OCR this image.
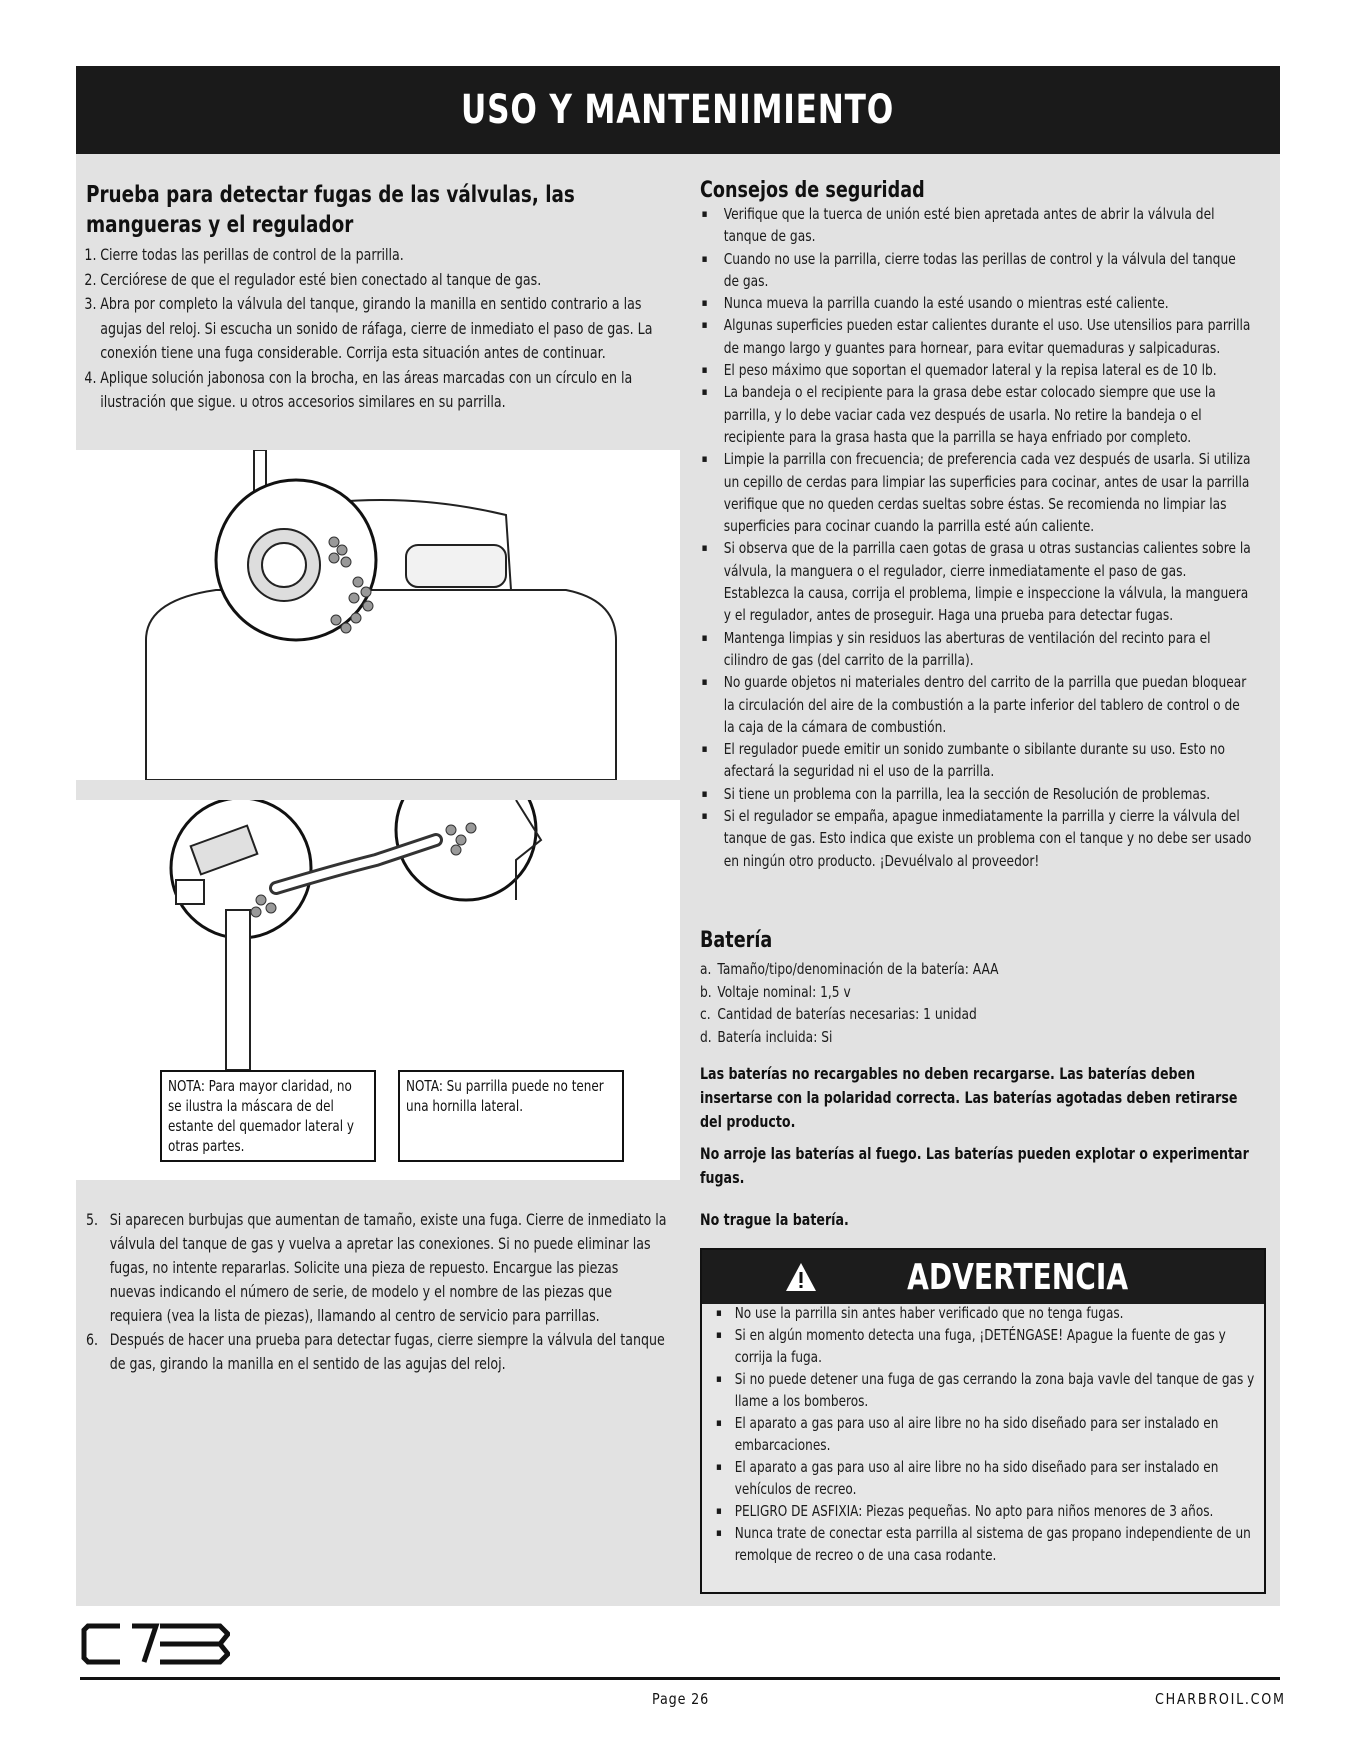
USO Y MANTENIMIENTO
Prueba para detectar fugas de las válvulas, las mangueras y el regulador
1. Cierre todas las perillas de control de la parrilla.
2. Cerciórese de que el regulador esté bien conectado al tanque de gas.
3. Abra por completo la válvula del tanque, girando la manilla en sentido contrario a las agujas del reloj. Si escucha un sonido de ráfaga, cierre de inmediato el paso de gas. La conexión tiene una fuga considerable. Corrija esta situación antes de continuar.
4. Aplique solución jabonosa con la brocha, en las áreas marcadas con un círculo en la ilustración que sigue. u otros accesorios similares en su parrilla.
NOTA: Para mayor claridad, no se ilustra la máscara de del estante del quemador lateral y otras partes.
NOTA: Su parrilla puede no tener una hornilla lateral.
5. Si aparecen burbujas que aumentan de tamaño, existe una fuga. Cierre de inmediato la válvula del tanque de gas y vuelva a apretar las conexiones. Si no puede eliminar las fugas, no intente repararlas. Solicite una pieza de repuesto. Encargue las piezas nuevas indicando el número de serie, de modelo y el nombre de las piezas que requiera (vea la lista de piezas), llamando al centro de servicio para parrillas.
6. Después de hacer una prueba para detectar fugas, cierre siempre la válvula del tanque de gas, girando la manilla en el sentido de las agujas del reloj.
Consejos de seguridad
▪ Verifique que la tuerca de unión esté bien apretada antes de abrir la válvula del tanque de gas.
▪ Cuando no use la parrilla, cierre todas las perillas de control y la válvula del tanque de gas.
▪ Nunca mueva la parrilla cuando la esté usando o mientras esté caliente.
▪ Algunas superficies pueden estar calientes durante el uso. Use utensilios para parrilla de mango largo y guantes para hornear, para evitar quemaduras y salpicaduras.
▪ El peso máximo que soportan el quemador lateral y la repisa lateral es de 10 lb.
▪ La bandeja o el recipiente para la grasa debe estar colocado siempre que use la parrilla, y lo debe vaciar cada vez después de usarla. No retire la bandeja o el recipiente para la grasa hasta que la parrilla se haya enfriado por completo.
▪ Limpie la parrilla con frecuencia; de preferencia cada vez después de usarla. Si utiliza un cepillo de cerdas para limpiar las superficies para cocinar, antes de usar la parrilla verifique que no queden cerdas sueltas sobre éstas. Se recomienda no limpiar las superficies para cocinar cuando la parrilla esté aún caliente.
▪ Si observa que de la parrilla caen gotas de grasa u otras sustancias calientes sobre la válvula, la manguera o el regulador, cierre inmediatamente el paso de gas. Establezca la causa, corrija el problema, limpie e inspeccione la válvula, la manguera y el regulador, antes de proseguir. Haga una prueba para detectar fugas.
▪ Mantenga limpias y sin residuos las aberturas de ventilación del recinto para el cilindro de gas (del carrito de la parrilla).
▪ No guarde objetos ni materiales dentro del carrito de la parrilla que puedan bloquear la circulación del aire de la combustión a la parte inferior del tablero de control o de la caja de la cámara de combustión.
▪ El regulador puede emitir un sonido zumbante o sibilante durante su uso. Esto no afectará la seguridad ni el uso de la parrilla.
▪ Si tiene un problema con la parrilla, lea la sección de Resolución de problemas.
▪ Si el regulador se empaña, apague inmediatamente la parrilla y cierre la válvula del tanque de gas. Esto indica que existe un problema con el tanque y no debe ser usado en ningún otro producto. ¡Devuélvalo al proveedor!
Batería
a. Tamaño/tipo/denominación de la batería: AAA
b. Voltaje nominal: 1,5 v
c. Cantidad de baterías necesarias: 1 unidad
d. Batería incluida: Si

Las baterías no recargables no deben recargarse. Las baterías deben insertarse con la polaridad correcta. Las baterías agotadas deben retirarse del producto.

No arroje las baterías al fuego. Las baterías pueden explotar o experimentar fugas.

No trague la batería.

ADVERTENCIA
▪ No use la parrilla sin antes haber verificado que no tenga fugas.
▪ Si en algún momento detecta una fuga, ¡DETÉNGASE! Apague la fuente de gas y corrija la fuga.
▪ Si no puede detener una fuga de gas cerrando la zona baja vavle del tanque de gas y llame a los bomberos.
▪ El aparato a gas para uso al aire libre no ha sido diseñado para ser instalado en embarcaciones.
▪ El aparato a gas para uso al aire libre no ha sido diseñado para ser instalado en vehículos de recreo.
▪ PELIGRO DE ASFIXIA: Piezas pequeñas. No apto para niños menores de 3 años.
▪ Nunca trate de conectar esta parrilla al sistema de gas propano independiente de un remolque de recreo o de una casa rodante.
Page 26	CHARBROIL.COM
